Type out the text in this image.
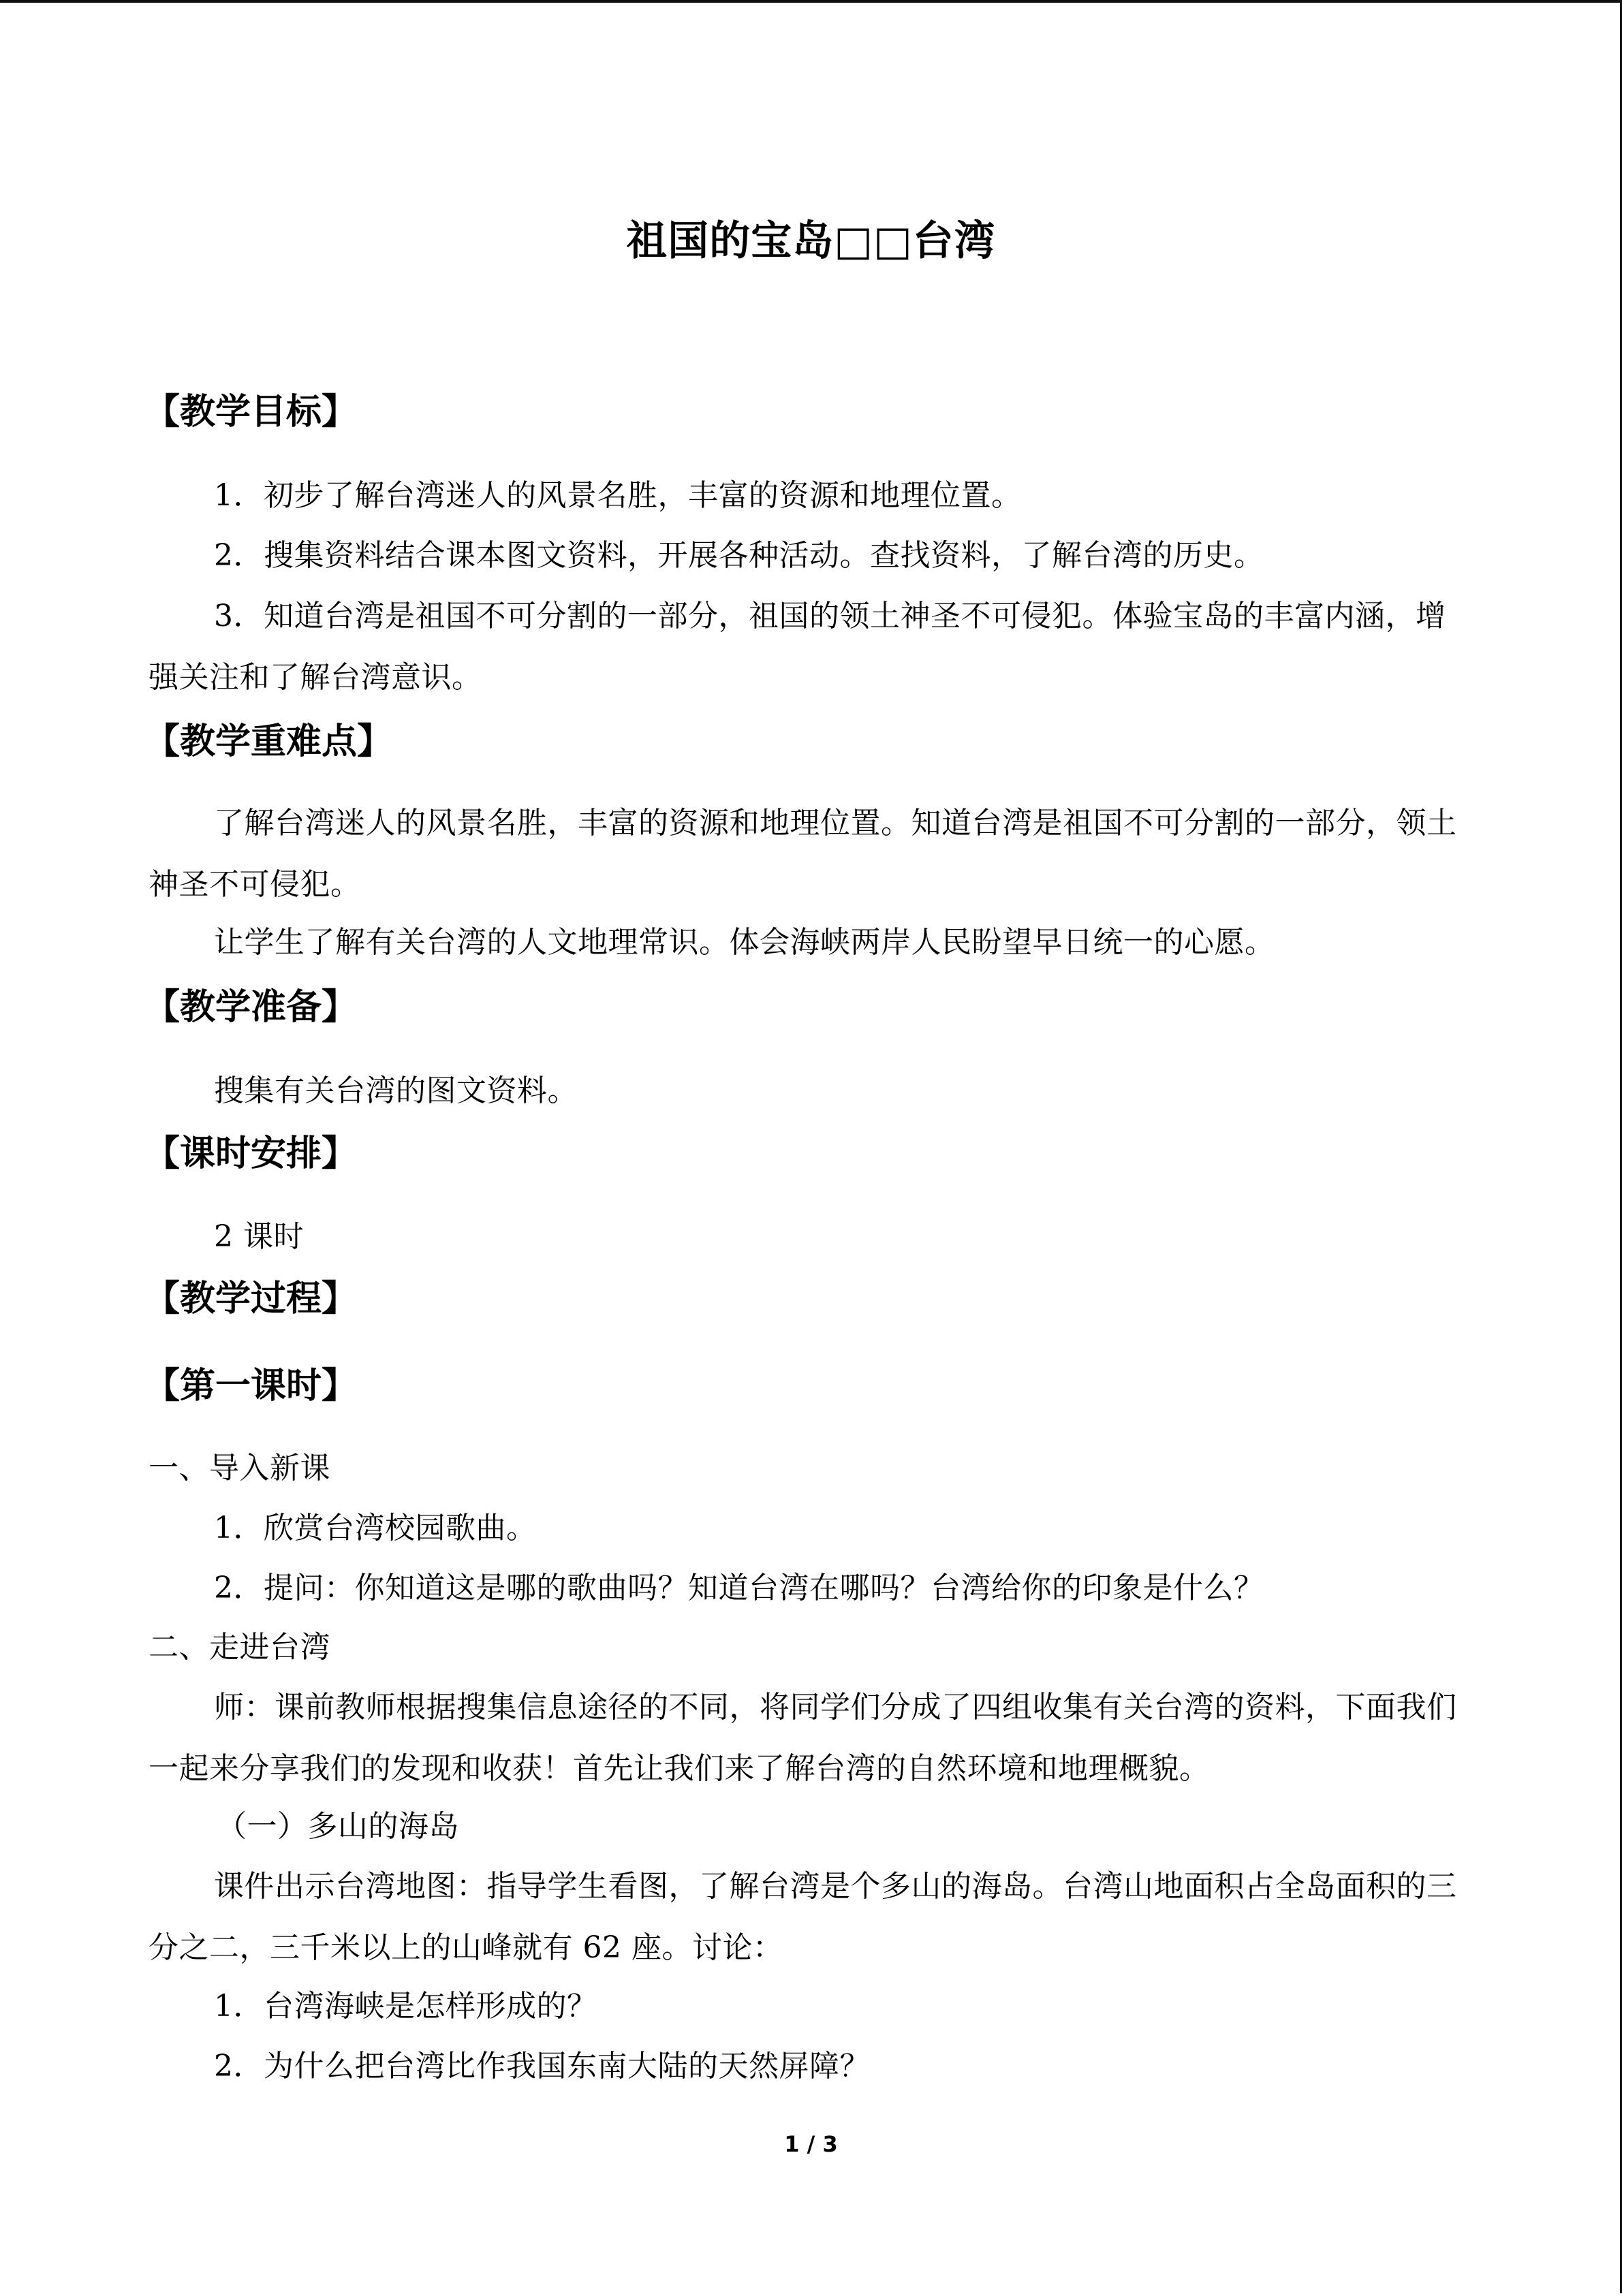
祖国的宝岛□□台湾
【教学目标】
1．初步了解台湾迷人的风景名胜，丰富的资源和地理位置。
2．搜集资料结合课本图文资料，开展各种活动。查找资料，了解台湾的历史。
3．知道台湾是祖国不可分割的一部分，祖国的领土神圣不可侵犯。体验宝岛的丰富内涵，增强关注和了解台湾意识。
【教学重难点】
了解台湾迷人的风景名胜，丰富的资源和地理位置。知道台湾是祖国不可分割的一部分，领土神圣不可侵犯。
让学生了解有关台湾的人文地理常识。体会海峡两岸人民盼望早日统一的心愿。
【教学准备】
搜集有关台湾的图文资料。
【课时安排】
2 课时
【教学过程】
【第一课时】
一、导入新课
1．欣赏台湾校园歌曲。
2．提问：你知道这是哪的歌曲吗？知道台湾在哪吗？台湾给你的印象是什么？
二、走进台湾
师：课前教师根据搜集信息途径的不同，将同学们分成了四组收集有关台湾的资料，下面我们一起来分享我们的发现和收获！首先让我们来了解台湾的自然环境和地理概貌。
（一）多山的海岛
课件出示台湾地图：指导学生看图，了解台湾是个多山的海岛。台湾山地面积占全岛面积的三分之二，三千米以上的山峰就有 62 座。讨论：
1．台湾海峡是怎样形成的？
2．为什么把台湾比作我国东南大陆的天然屏障？
1 / 3
